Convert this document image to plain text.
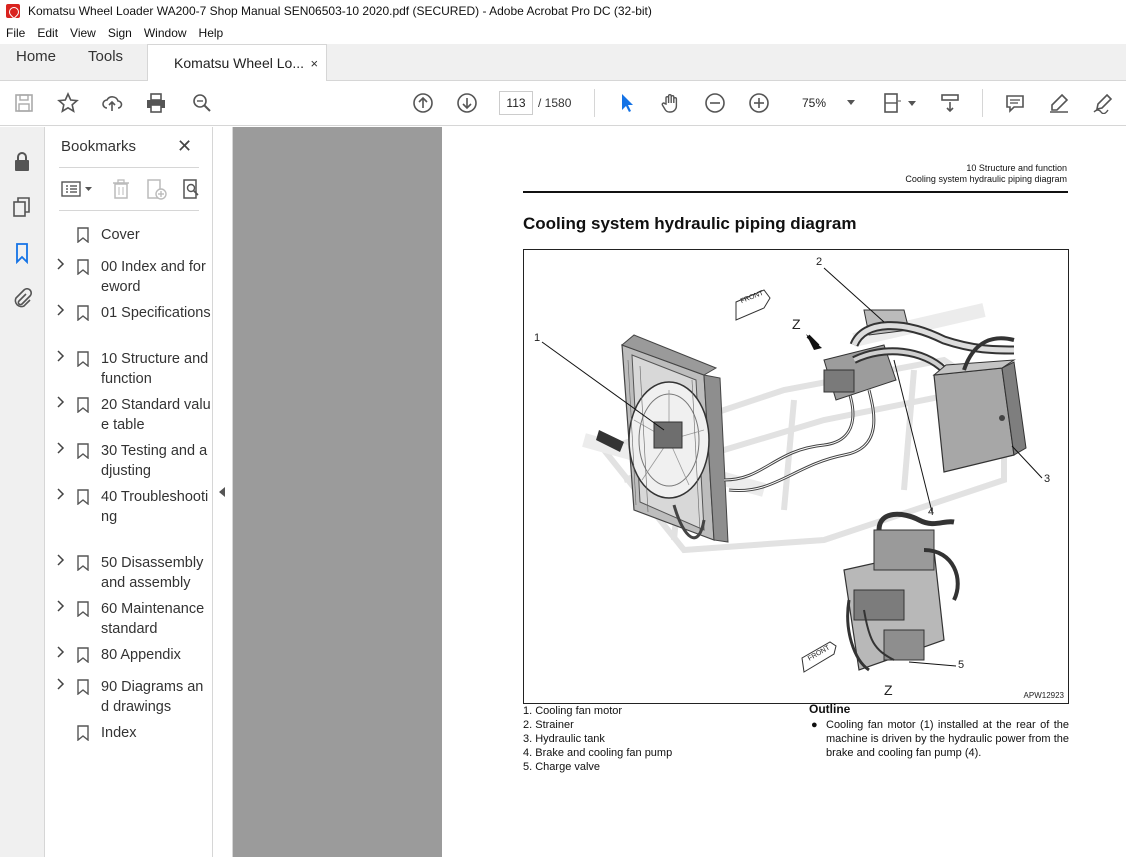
Komatsu Wheel Loader WA200-7 Shop Manual SEN06503-10 2020.pdf (SECURED) - Adobe Acrobat Pro DC (32-bit)
File Edit View Sign Window Help
Home	Tools	Komatsu Wheel Lo... ×
113	/ 1580	75%
Bookmarks ✕
Cover
00 Index and foreword
01 Specifications
10 Structure and function
20 Standard value table
30 Testing and adjusting
40 Troubleshooting
50 Disassembly and assembly
60 Maintenance standard
80 Appendix
90 Diagrams and drawings
Index
10 Structure and function
Cooling system hydraulic piping diagram
Cooling system hydraulic piping diagram
1
2
3
4
5
Z
Z
FRONT
FRONT
APW12923
1. Cooling fan motor
2. Strainer
3. Hydraulic tank
4. Brake and cooling fan pump
5. Charge valve
Outline
● Cooling fan motor (1) installed at the rear of the machine is driven by the hydraulic power from the brake and cooling fan pump (4).
